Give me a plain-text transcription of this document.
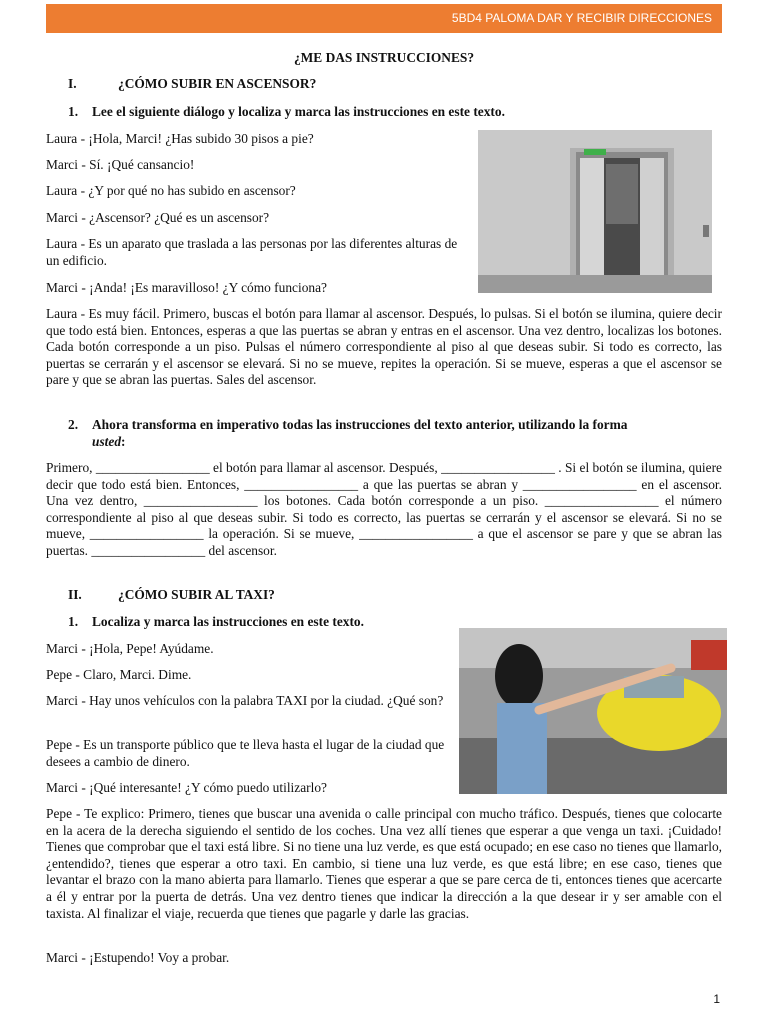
5BD4 PALOMA DAR Y RECIBIR DIRECCIONES
¿ME DAS INSTRUCCIONES?
I.	¿CÓMO SUBIR EN ASCENSOR?
1. Lee el siguiente diálogo y localiza y marca las instrucciones en este texto.

Laura - ¡Hola, Marci! ¿Has subido 30 pisos a pie?

Marci - Sí. ¡Qué cansancio!

Laura - ¿Y por qué no has subido en ascensor?

Marci - ¿Ascensor? ¿Qué es un ascensor?

Laura - Es un aparato que traslada a las personas por las diferentes alturas de un edificio.

Marci - ¡Anda! ¡Es maravilloso! ¿Y cómo funciona?

Laura - Es muy fácil. Primero, buscas el botón para llamar al ascensor. Después, lo pulsas. Si el botón se ilumina, quiere decir que todo está bien. Entonces, esperas a que las puertas se abran y entras en el ascensor. Una vez dentro, localizas los botones. Cada botón corresponde a un piso. Pulsas el número correspondiente al piso al que deseas subir. Si todo es correcto, las puertas se cerrarán y el ascensor se elevará. Si no se mueve, repites la operación. Si se mueve, esperas a que el ascensor se pare y que se abran las puertas. Sales del ascensor.

2. Ahora transforma en imperativo todas las instrucciones del texto anterior, utilizando la forma
usted:

Primero, _________________ el botón para llamar al ascensor. Después, _________________ . Si el botón se ilumina, quiere decir que todo está bien. Entonces, _________________ a que las puertas se abran y _________________ en el ascensor. Una vez dentro, _________________ los botones. Cada botón corresponde a un piso. _________________ el número correspondiente al piso al que deseas subir. Si todo es correcto, las puertas se cerrarán y el ascensor se elevará. Si no se mueve, _________________ la operación. Si se mueve, _________________ a que el ascensor se pare y que se abran las puertas. _________________ del ascensor.

II.	¿CÓMO SUBIR AL TAXI?
1. Localiza y marca las instrucciones en este texto.

Marci - ¡Hola, Pepe! Ayúdame.

Pepe - Claro, Marci. Dime.

Marci - Hay unos vehículos con la palabra TAXI por la ciudad. ¿Qué son?

Pepe - Es un transporte público que te lleva hasta el lugar de la ciudad que desees a cambio de dinero.

Marci - ¡Qué interesante! ¿Y cómo puedo utilizarlo?

Pepe - Te explico: Primero, tienes que buscar una avenida o calle principal con mucho tráfico. Después, tienes que colocarte en la acera de la derecha siguiendo el sentido de los coches. Una vez allí tienes que esperar a que venga un taxi. ¡Cuidado! Tienes que comprobar que el taxi está libre. Si no tiene una luz verde, es que está ocupado; en ese caso no tienes que llamarlo, ¿entendido?, tienes que esperar a otro taxi. En cambio, si tiene una luz verde, es que está libre; en ese caso, tienes que levantar el brazo con la mano abierta para llamarlo. Tienes que esperar a que se pare cerca de ti, entonces tienes que acercarte a él y entrar por la puerta de detrás. Una vez dentro tienes que indicar la dirección a la que desear ir y ser amable con el taxista. Al finalizar el viaje, recuerda que tienes que pagarle y darle las gracias.

Marci - ¡Estupendo! Voy a probar.

1
